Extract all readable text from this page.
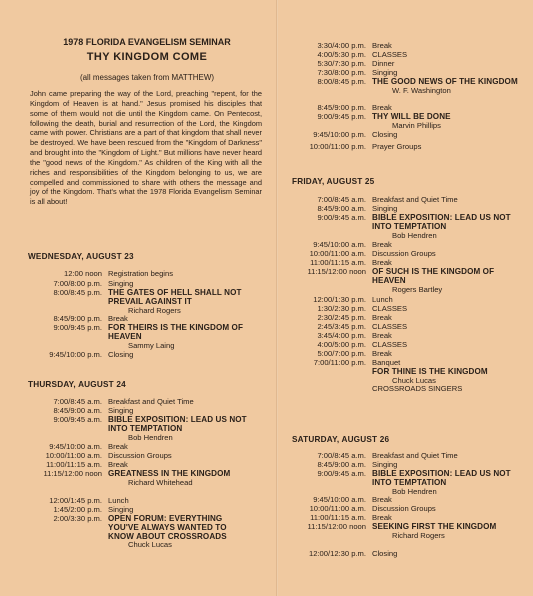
1978 FLORIDA EVANGELISM SEMINAR
THY KINGDOM COME
(all messages taken from MATTHEW)
John came preparing the way of the Lord, preaching "repent, for the Kingdom of Heaven is at hand." Jesus promised his disciples that some of them would not die until the Kingdom came. On Pentecost, following the death, burial and resurrection of the Lord, the Kingdom came with power. Christians are a part of that kingdom that shall never be destroyed. We have been rescued from the "Kingdom of Darkness" and brought into the "Kingdom of Light." But millions have never heard the "good news of the Kingdom." As children of the King with all the riches and responsibilities of the Kingdom belonging to us, we are compelled and commissioned to share with others the message and joy of the Kingdom. That's what the 1978 Florida Evangelism Seminar is all about!
WEDNESDAY, AUGUST 23
12:00 noon Registration begins
7:00/8:00 p.m. Singing
8:00/8:45 p.m. THE GATES OF HELL SHALL NOT PREVAIL AGAINST IT
Richard Rogers
8:45/9:00 p.m. Break
9:00/9:45 p.m. FOR THEIRS IS THE KINGDOM OF HEAVEN
Sammy Laing
9:45/10:00 p.m. Closing
THURSDAY, AUGUST 24
7:00/8:45 a.m. Breakfast and Quiet Time
8:45/9:00 a.m. Singing
9:00/9:45 a.m. BIBLE EXPOSITION: LEAD US NOT INTO TEMPTATION
Bob Hendren
9:45/10:00 a.m. Break
10:00/11:00 a.m. Discussion Groups
11:00/11:15 a.m. Break
11:15/12:00 noon GREATNESS IN THE KINGDOM
Richard Whitehead
12:00/1:45 p.m. Lunch
1:45/2:00 p.m. Singing
2:00/3:30 p.m. OPEN FORUM: EVERYTHING YOU'VE ALWAYS WANTED TO KNOW ABOUT CROSSROADS
Chuck Lucas
3:30/4:00 p.m. Break
4:00/5:30 p.m. CLASSES
5:30/7:30 p.m. Dinner
7:30/8:00 p.m. Singing
8:00/8:45 p.m. THE GOOD NEWS OF THE KINGDOM
W. F. Washington
8:45/9:00 p.m. Break
9:00/9:45 p.m. THY WILL BE DONE
Marvin Phillips
9:45/10:00 p.m. Closing
10:00/11:00 p.m. Prayer Groups
FRIDAY, AUGUST 25
7:00/8:45 a.m. Breakfast and Quiet Time
8:45/9:00 a.m. Singing
9:00/9:45 a.m. BIBLE EXPOSITION: LEAD US NOT INTO TEMPTATION
Bob Hendren
9:45/10:00 a.m. Break
10:00/11:00 a.m. Discussion Groups
11:00/11:15 a.m. Break
11:15/12:00 noon OF SUCH IS THE KINGDOM OF HEAVEN
Rogers Bartley
12:00/1:30 p.m. Lunch
1:30/2:30 p.m. CLASSES
2:30/2:45 p.m. Break
2:45/3:45 p.m. CLASSES
3:45/4:00 p.m. Break
4:00/5:00 p.m. CLASSES
5:00/7:00 p.m. Break
7:00/11:00 p.m. Banquet
FOR THINE IS THE KINGDOM
Chuck Lucas
CROSSROADS SINGERS
SATURDAY, AUGUST 26
7:00/8:45 a.m. Breakfast and Quiet Time
8:45/9:00 a.m. Singing
9:00/9:45 a.m. BIBLE EXPOSITION: LEAD US NOT INTO TEMPTATION
Bob Hendren
9:45/10:00 a.m. Break
10:00/11:00 a.m. Discussion Groups
11:00/11:15 a.m. Break
11:15/12:00 noon SEEKING FIRST THE KINGDOM
Richard Rogers
12:00/12:30 p.m. Closing
